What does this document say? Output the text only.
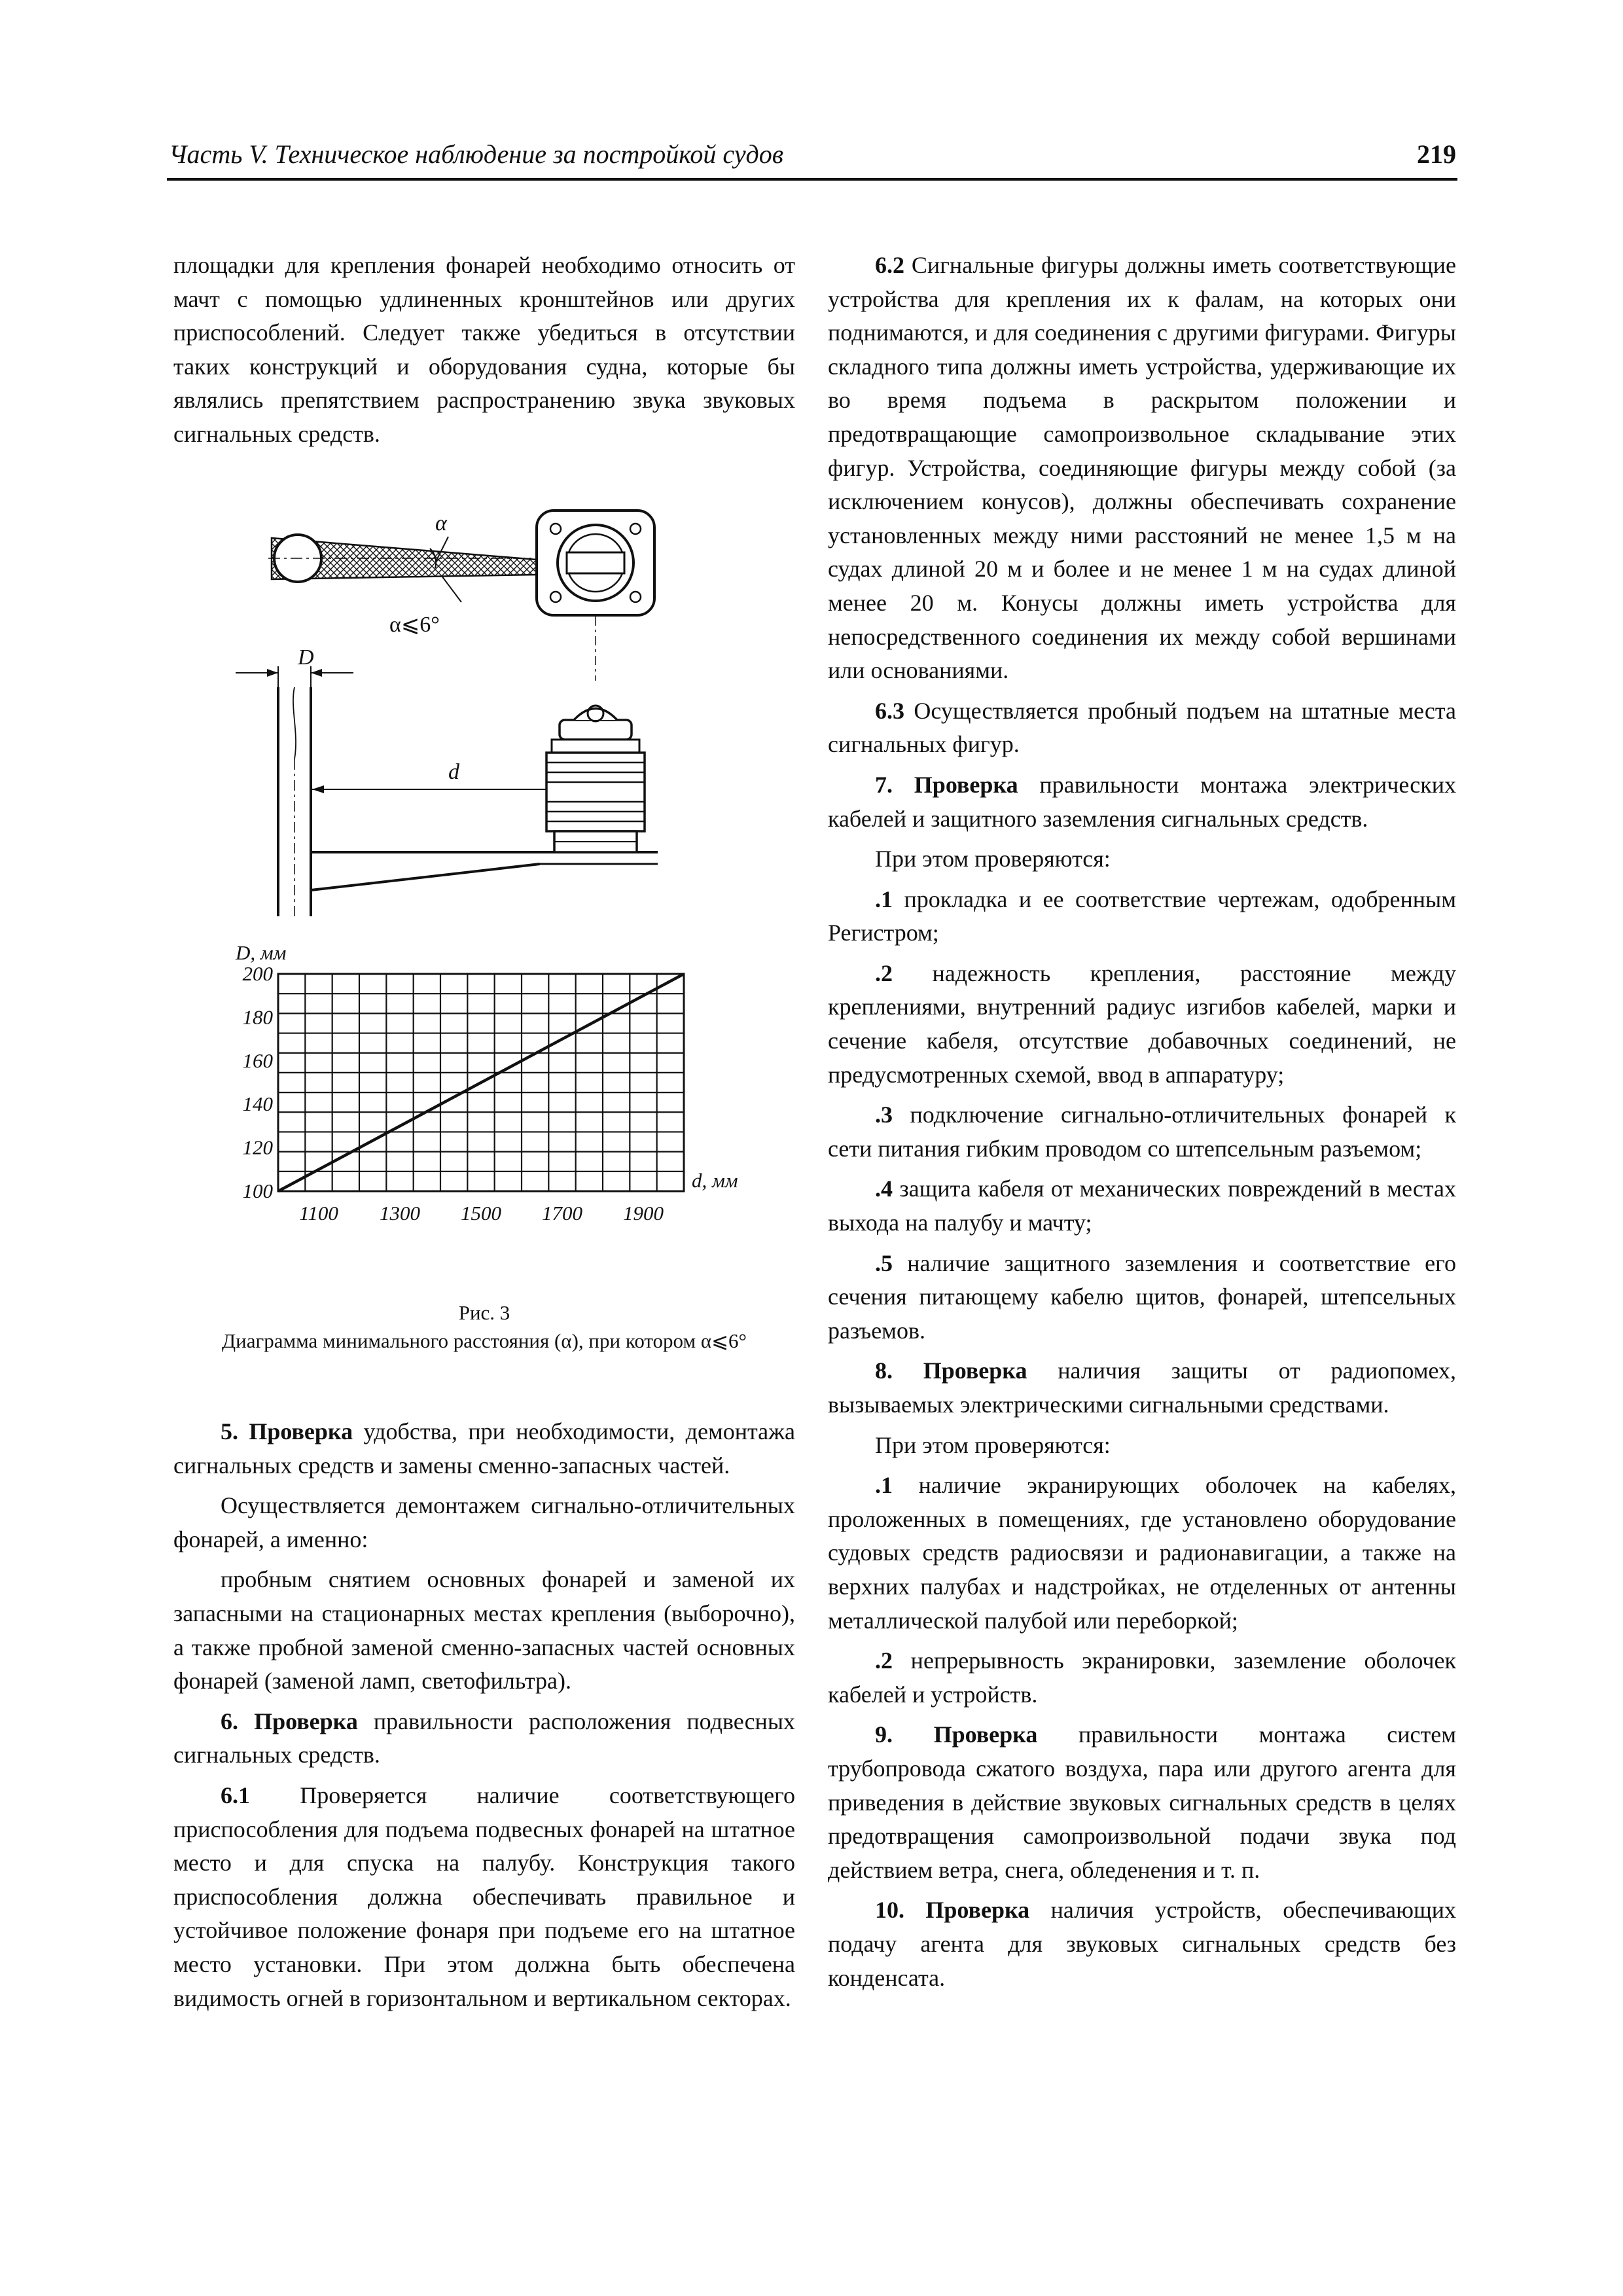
Часть V. Техническое наблюдение за постройкой судов	219

площадки для крепления фонарей необходимо относить от мачт с помощью удлиненных кронштейнов или других приспособлений. Следует также убедиться в отсутствии таких конструкций и оборудования судна, которые бы являлись препятствием распространению звука звуковых сигнальных средств.

α
α⩽6°
D
d
100
120
140
160
180
200
1100 1300 1500 1700 1900
D, мм
d, мм
Рис. 3
Диаграмма минимального расстояния (α), при котором α⩽6°

5. Проверка удобства, при необходимости, демонтажа сигнальных средств и замены сменно-запасных частей.

Осуществляется демонтажем сигнально-отличительных фонарей, а именно:

пробным снятием основных фонарей и заменой их запасными на стационарных местах крепления (выборочно), а также пробной заменой сменно-запасных частей основных фонарей (заменой ламп, светофильтра).

6. Проверка правильности расположения подвесных сигнальных средств.

6.1 Проверяется наличие соответствующего приспособления для подъема подвесных фонарей на штатное место и для спуска на палубу. Конструкция такого приспособления должна обеспечивать правильное и устойчивое положение фонаря при подъеме его на штатное место установки. При этом должна быть обеспечена видимость огней в горизонтальном и вертикальном секторах.

6.2 Сигнальные фигуры должны иметь соответствующие устройства для крепления их к фалам, на которых они поднимаются, и для соединения с другими фигурами. Фигуры складного типа должны иметь устройства, удерживающие их во время подъема в раскрытом положении и предотвращающие самопроизвольное складывание этих фигур. Устройства, соединяющие фигуры между собой (за исключением конусов), должны обеспечивать сохранение установленных между ними расстояний не менее 1,5 м на судах длиной 20 м и более и не менее 1 м на судах длиной менее 20 м. Конусы должны иметь устройства для непосредственного соединения их между собой вершинами или основаниями.

6.3 Осуществляется пробный подъем на штатные места сигнальных фигур.

7. Проверка правильности монтажа электрических кабелей и защитного заземления сигнальных средств.

При этом проверяются:

.1 прокладка и ее соответствие чертежам, одобренным Регистром;

.2 надежность крепления, расстояние между креплениями, внутренний радиус изгибов кабелей, марки и сечение кабеля, отсутствие добавочных соединений, не предусмотренных схемой, ввод в аппаратуру;

.3 подключение сигнально-отличительных фонарей к сети питания гибким проводом со штепсельным разъемом;

.4 защита кабеля от механических повреждений в местах выхода на палубу и мачту;

.5 наличие защитного заземления и соответствие его сечения питающему кабелю щитов, фонарей, штепсельных разъемов.

8. Проверка наличия защиты от радиопомех, вызываемых электрическими сигнальными средствами.

При этом проверяются:

.1 наличие экранирующих оболочек на кабелях, проложенных в помещениях, где установлено оборудование судовых средств радиосвязи и радионавигации, а также на верхних палубах и надстройках, не отделенных от антенны металлической палубой или переборкой;

.2 непрерывность экранировки, заземление оболочек кабелей и устройств.

9. Проверка правильности монтажа систем трубопровода сжатого воздуха, пара или другого агента для приведения в действие звуковых сигнальных средств в целях предотвращения самопроизвольной подачи звука под действием ветра, снега, обледенения и т. п.

10. Проверка наличия устройств, обеспечивающих подачу агента для звуковых сигнальных средств без конденсата.
